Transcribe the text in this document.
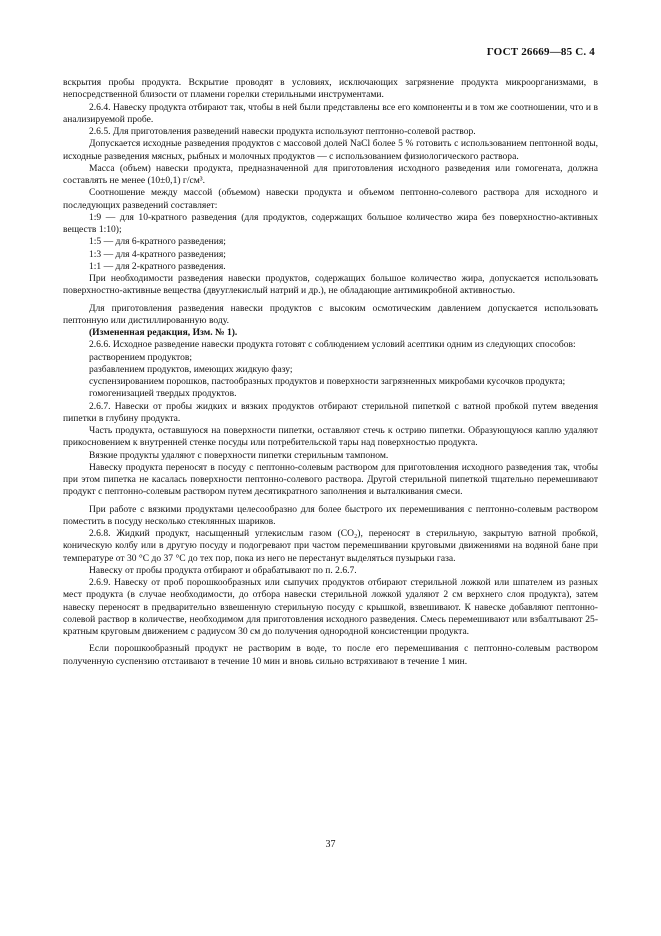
ГОСТ 26669—85 С. 4

вскрытия пробы продукта. Вскрытие проводят в условиях, исключающих загрязнение продукта микроорганизмами, в непосредственной близости от пламени горелки стерильными инструментами.

2.6.4. Навеску продукта отбирают так, чтобы в ней были представлены все его компоненты и в том же соотношении, что и в анализируемой пробе.

2.6.5. Для приготовления разведений навески продукта используют пептонно-солевой раствор.

Допускается исходные разведения продуктов с массовой долей NaCl более 5 % готовить с использованием пептонной воды, исходные разведения мясных, рыбных и молочных продуктов — с использованием физиологического раствора.

Масса (объем) навески продукта, предназначенной для приготовления исходного разведения или гомогената, должна составлять не менее (10±0,1) г/см³.

Соотношение между массой (объемом) навески продукта и объемом пептонно-солевого раствора для исходного и последующих разведений составляет:

1:9 — для 10-кратного разведения (для продуктов, содержащих большое количество жира без поверхностно-активных веществ 1:10);

1:5 — для 6-кратного разведения;

1:3 — для 4-кратного разведения;

1:1 — для 2-кратного разведения.

При необходимости разведения навески продуктов, содержащих большое количество жира, допускается использовать поверхностно-активные вещества (двууглекислый натрий и др.), не обладающие антимикробной активностью.

Для приготовления разведения навески продуктов с высоким осмотическим давлением допускается использовать пептонную или дистиллированную воду.

(Измененная редакция, Изм. № 1).

2.6.6. Исходное разведение навески продукта готовят с соблюдением условий асептики одним из следующих способов:

растворением продуктов;

разбавлением продуктов, имеющих жидкую фазу;

суспензированием порошков, пастообразных продуктов и поверхности загрязненных микробами кусочков продукта;

гомогенизацией твердых продуктов.

2.6.7. Навески от пробы жидких и вязких продуктов отбирают стерильной пипеткой с ватной пробкой путем введения пипетки в глубину продукта.

Часть продукта, оставшуюся на поверхности пипетки, оставляют стечь к острию пипетки. Образующуюся каплю удаляют прикосновением к внутренней стенке посуды или потребительской тары над поверхностью продукта.

Вязкие продукты удаляют с поверхности пипетки стерильным тампоном.

Навеску продукта переносят в посуду с пептонно-солевым раствором для приготовления исходного разведения так, чтобы при этом пипетка не касалась поверхности пептонно-солевого раствора. Другой стерильной пипеткой тщательно перемешивают продукт с пептонно-солевым раствором путем десятикратного заполнения и выталкивания смеси.

При работе с вязкими продуктами целесообразно для более быстрого их перемешивания с пептонно-солевым раствором поместить в посуду несколько стеклянных шариков.

2.6.8. Жидкий продукт, насыщенный углекислым газом (CO₂), переносят в стерильную, закрытую ватной пробкой, коническую колбу или в другую посуду и подогревают при частом перемешивании круговыми движениями на водяной бане при температуре от 30 °С до 37 °С до тех пор, пока из него не перестанут выделяться пузырьки газа.

Навеску от пробы продукта отбирают и обрабатывают по п. 2.6.7.

2.6.9. Навеску от проб порошкообразных или сыпучих продуктов отбирают стерильной ложкой или шпателем из разных мест продукта (в случае необходимости, до отбора навески стерильной ложкой удаляют 2 см верхнего слоя продукта), затем навеску переносят в предварительно взвешенную стерильную посуду с крышкой, взвешивают. К навеске добавляют пептонно-солевой раствор в количестве, необходимом для приготовления исходного разведения. Смесь перемешивают или взбалтывают 25-кратным круговым движением с радиусом 30 см до получения однородной консистенции продукта.

Если порошкообразный продукт не растворим в воде, то после его перемешивания с пептонно-солевым раствором полученную суспензию отстаивают в течение 10 мин и вновь сильно встряхивают в течение 1 мин.

37
